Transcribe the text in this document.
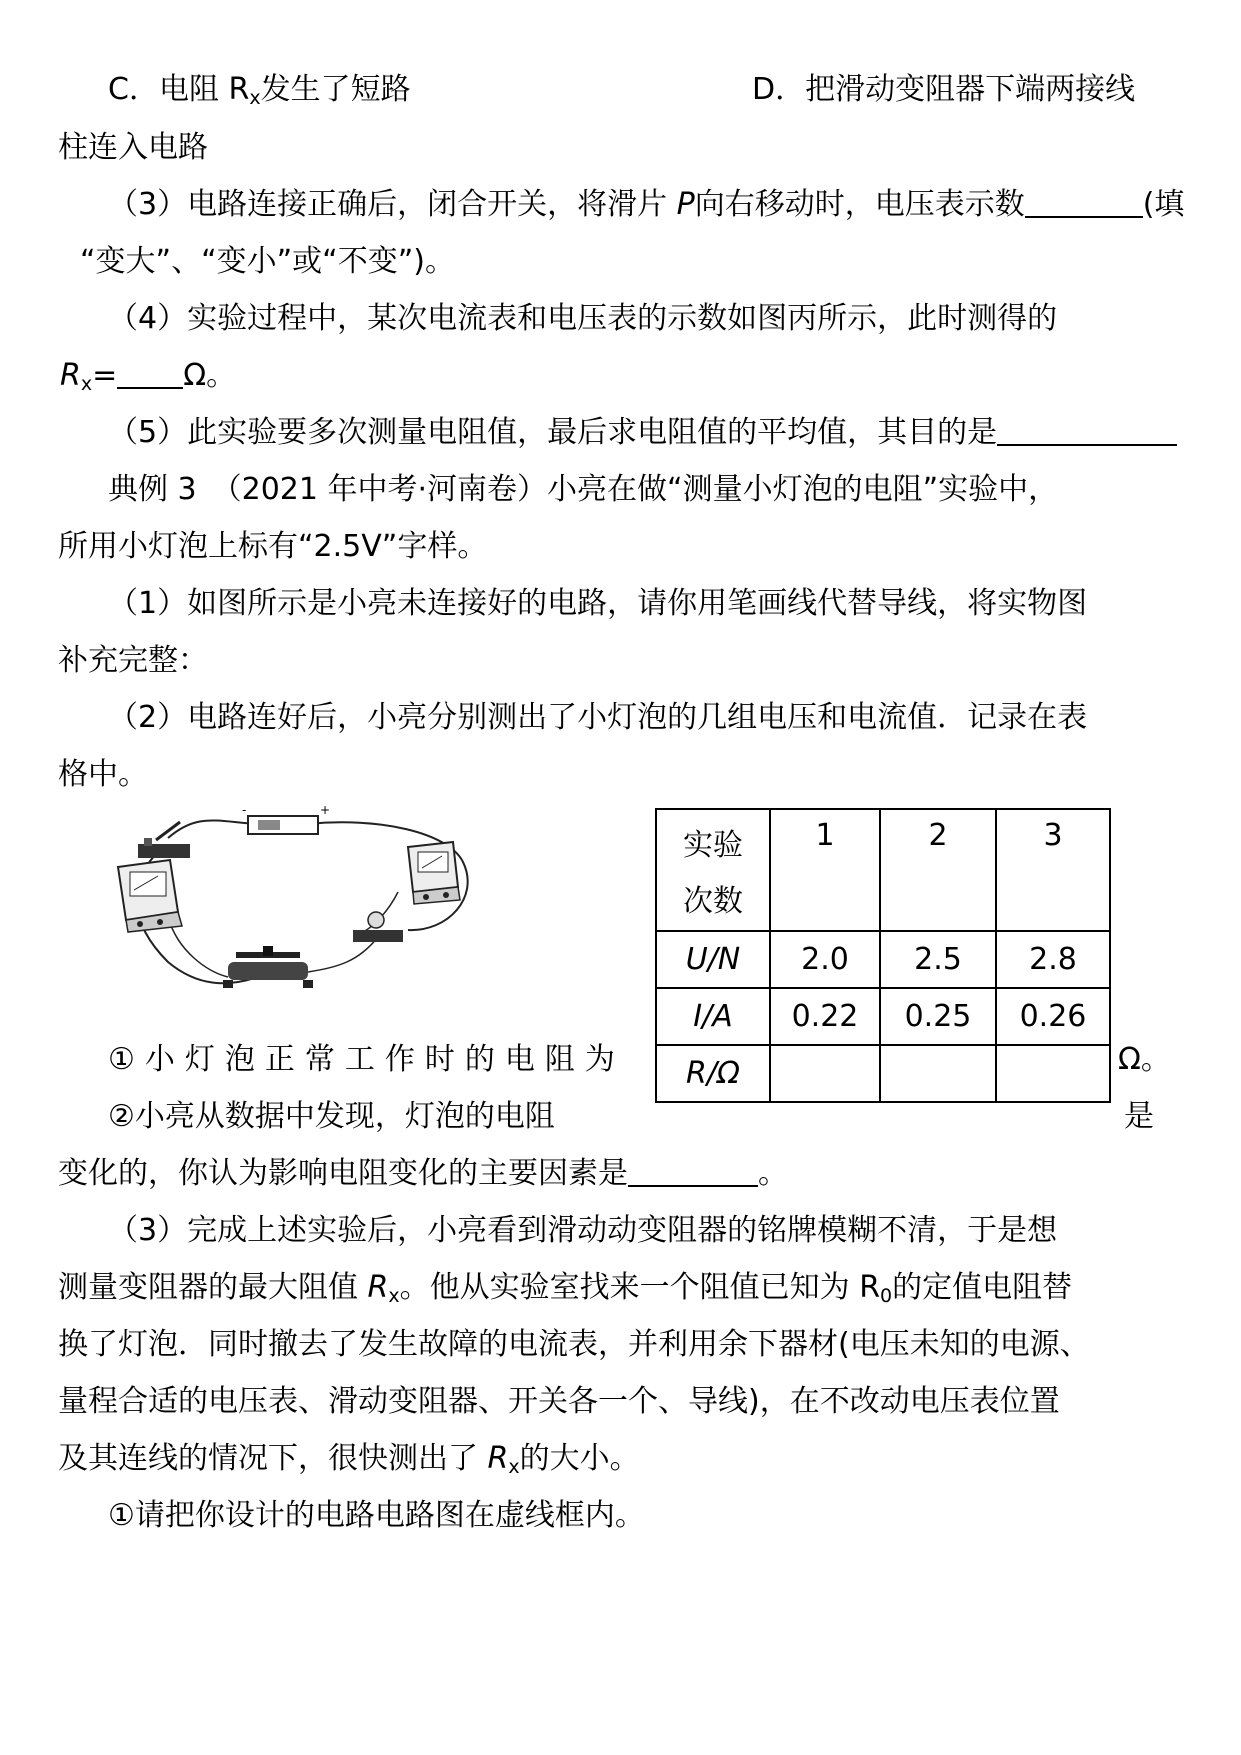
C．电阻 $R_x$发生了短路	D．把滑动变阻器下端两接线
柱连入电路
（3）电路连接正确后，闭合开关，将滑片 P向右移动时，电压表示数	(填
“变大”、“变小”或“不变”)。
（4）实验过程中，某次电流表和电压表的示数如图丙所示，此时测得的
$R_x= \Omega$。
（5）此实验要多次测量电阻值，最后求电阻值的平均值，其目的是
典例 3　（2021 年中考·河南卷）小亮在做“测量小灯泡的电阻”实验中，
所用小灯泡上标有“2.5V”字样。
（1）如图所示是小亮未连接好的电路，请你用笔画线代替导线，将实物图
补充完整：
（2）电路连好后，小亮分别测出了小灯泡的几组电压和电流值．记录在表
格中。
-	+
实验
次数	1	2	3
U/N	2.0	2.5	2.8
I/A	0.22	0.25	0.26
R/Ω			
①小灯泡正常工作时的电阻为	Ω。
②小亮从数据中发现，灯泡的电阻	是
变化的，你认为影响电阻变化的主要因素是	。
（3）完成上述实验后，小亮看到滑动动变阻器的铭牌模糊不清，于是想
测量变阻器的最大阻值 $R_x$。他从实验室找来一个阻值已知为 $R_0$的定值电阻替
换了灯泡．同时撤去了发生故障的电流表，并利用余下器材(电压未知的电源、
量程合适的电压表、滑动变阻器、开关各一个、导线)，在不改动电压表位置
及其连线的情况下，很快测出了 $R_x$的大小。
①请把你设计的电路电路图在虚线框内。
